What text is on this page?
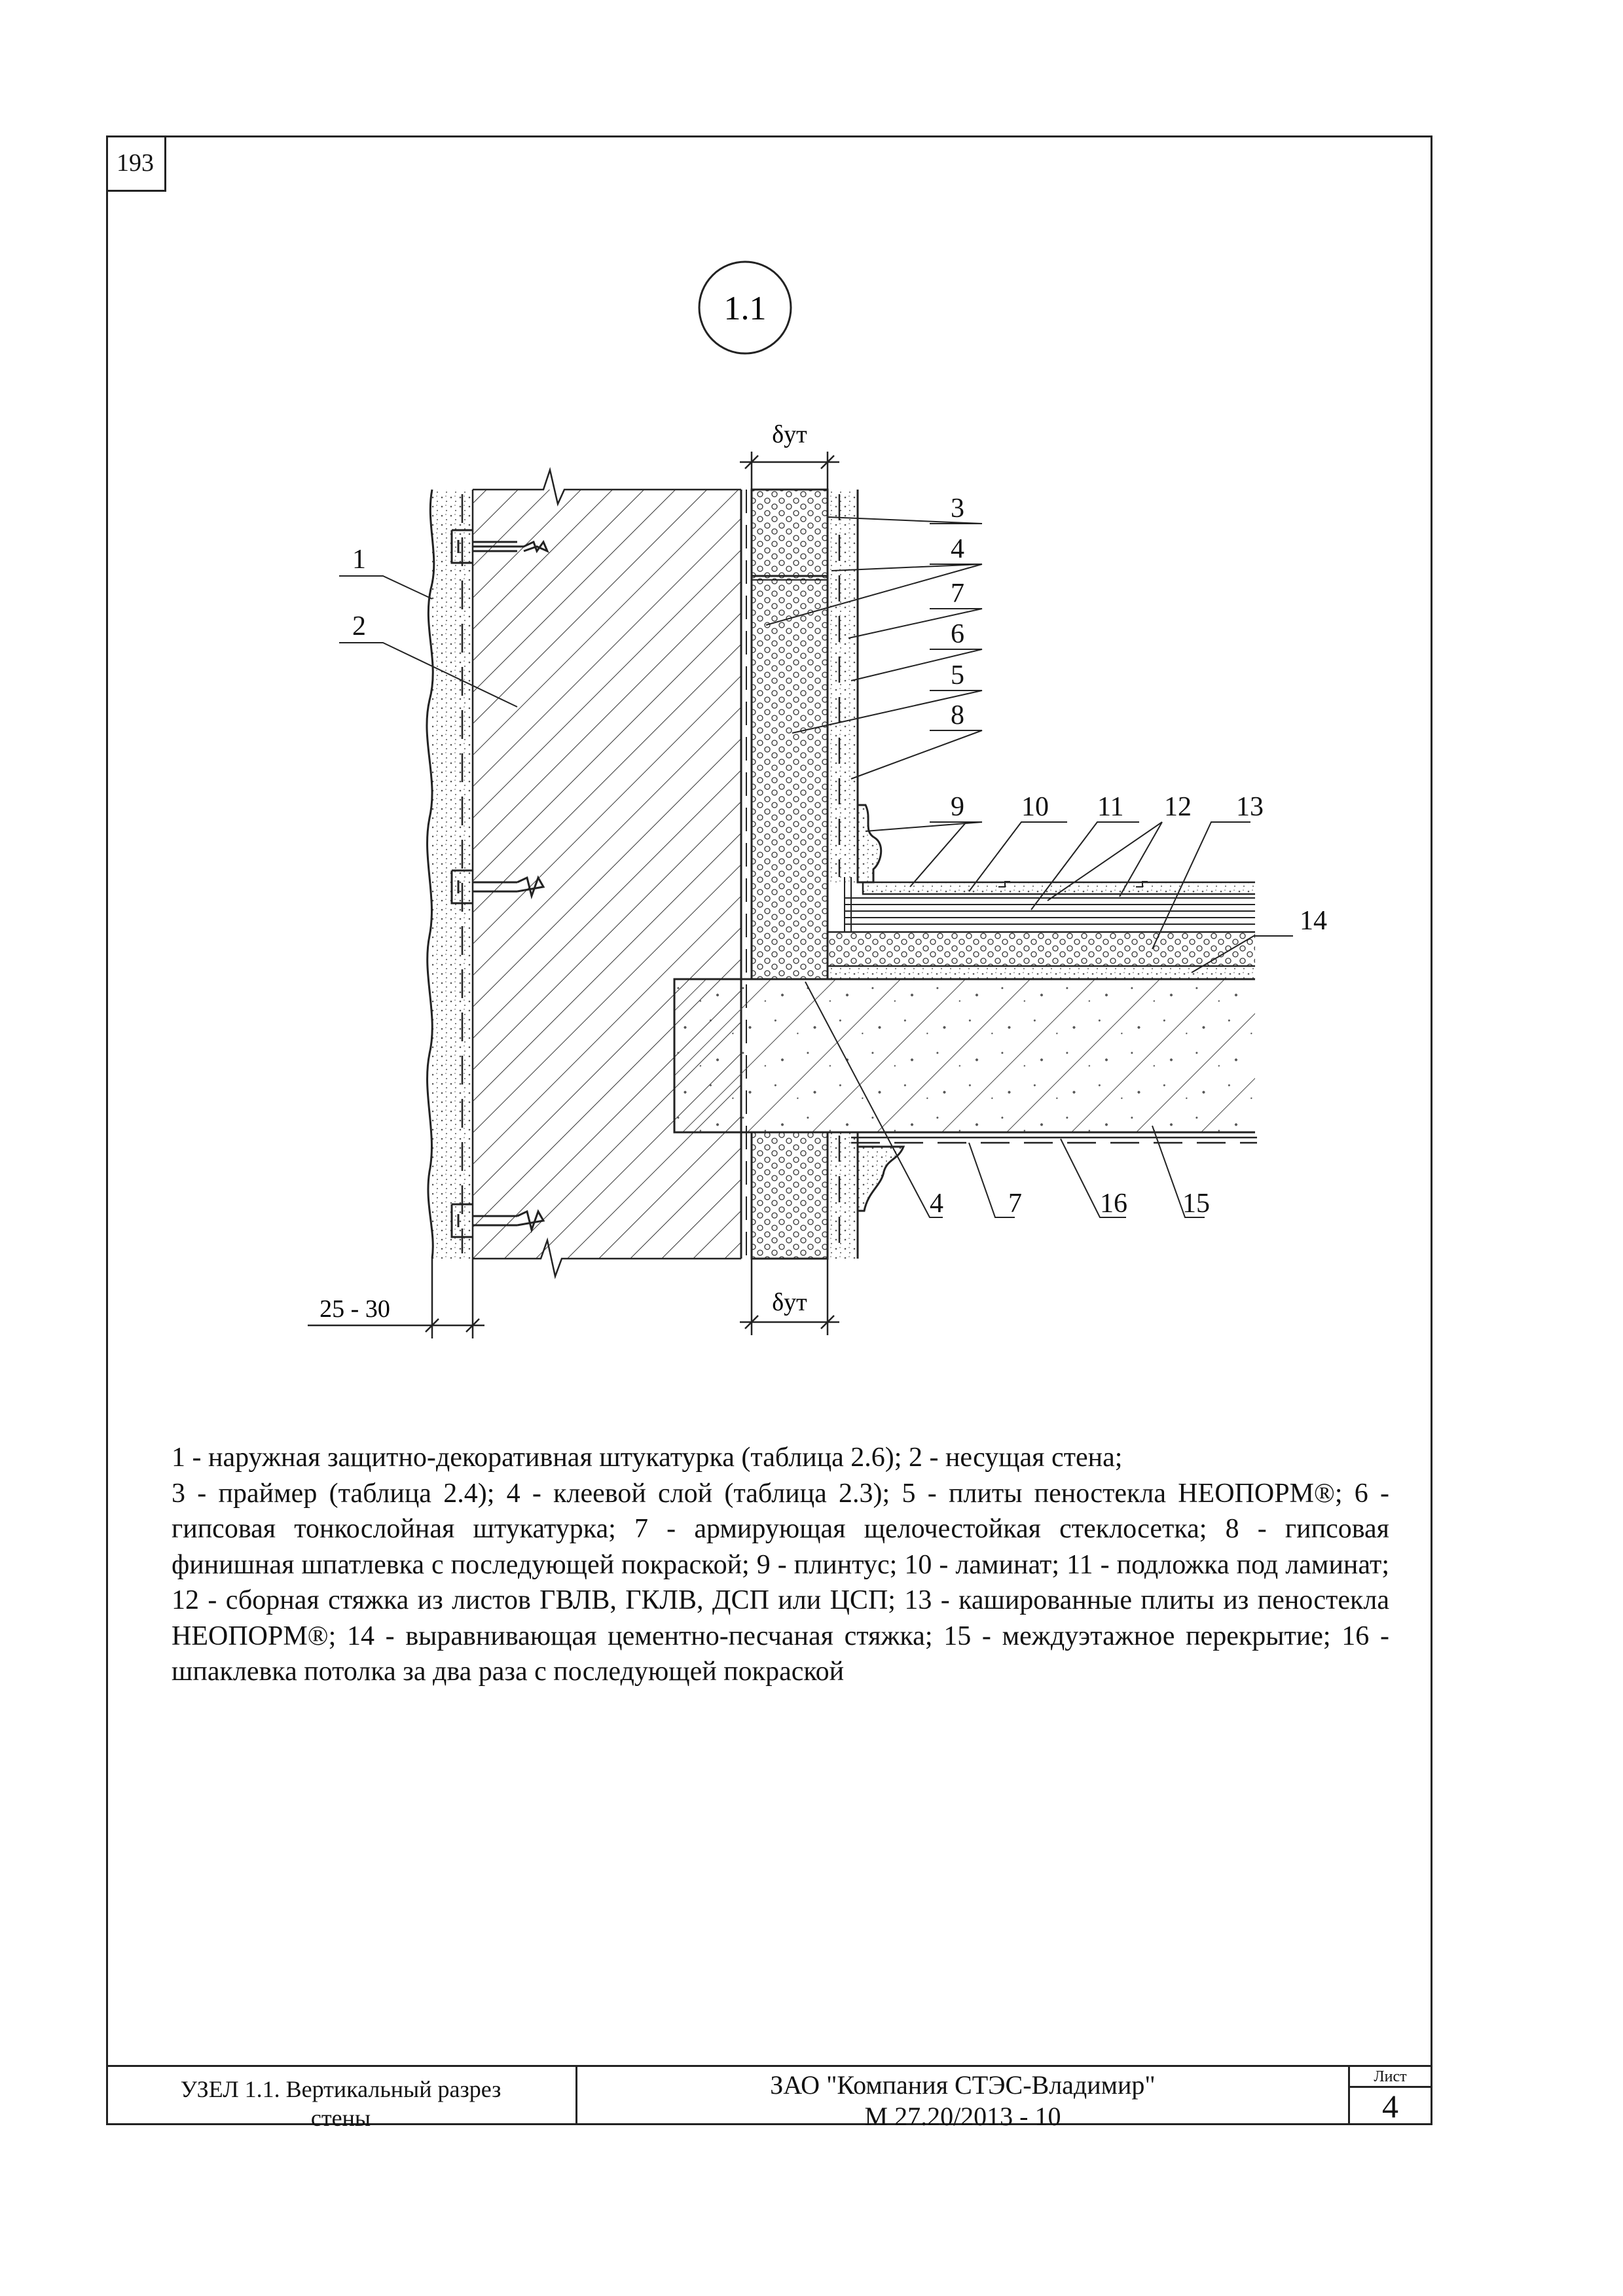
193
1.1
δут
δут
25 - 30
1
2
3
4
7
6
5
8
9 10 11 12 13
14
4 7	16 15
1 - наружная защитно-декоративная штукатурка (таблица 2.6); 2 - несущая стена;
3 - праймер (таблица 2.4); 4 - клеевой слой (таблица 2.3); 5 - плиты пеностекла НЕОПОРМ®; 6 - гипсовая тонкослойная штукатурка; 7 - армирующая щелочестойкая стеклосетка; 8 - гипсовая финишная шпатлевка с последующей покраской; 9 - плинтус; 10 - ламинат; 11 - подложка под ламинат; 12 - сборная стяжка из листов ГВЛВ, ГКЛВ, ДСП или ЦСП; 13 - кашированные плиты из пеностекла НЕОПОРМ®; 14 - выравнивающая цементно-песчаная стяжка; 15 - междуэтажное перекрытие; 16 - шпаклевка потолка за два раза с последующей покраской
УЗЕЛ 1.1. Вертикальный разрез
стены
ЗАО "Компания СТЭС-Владимир"
М 27.20/2013 - 10
Лист
4
